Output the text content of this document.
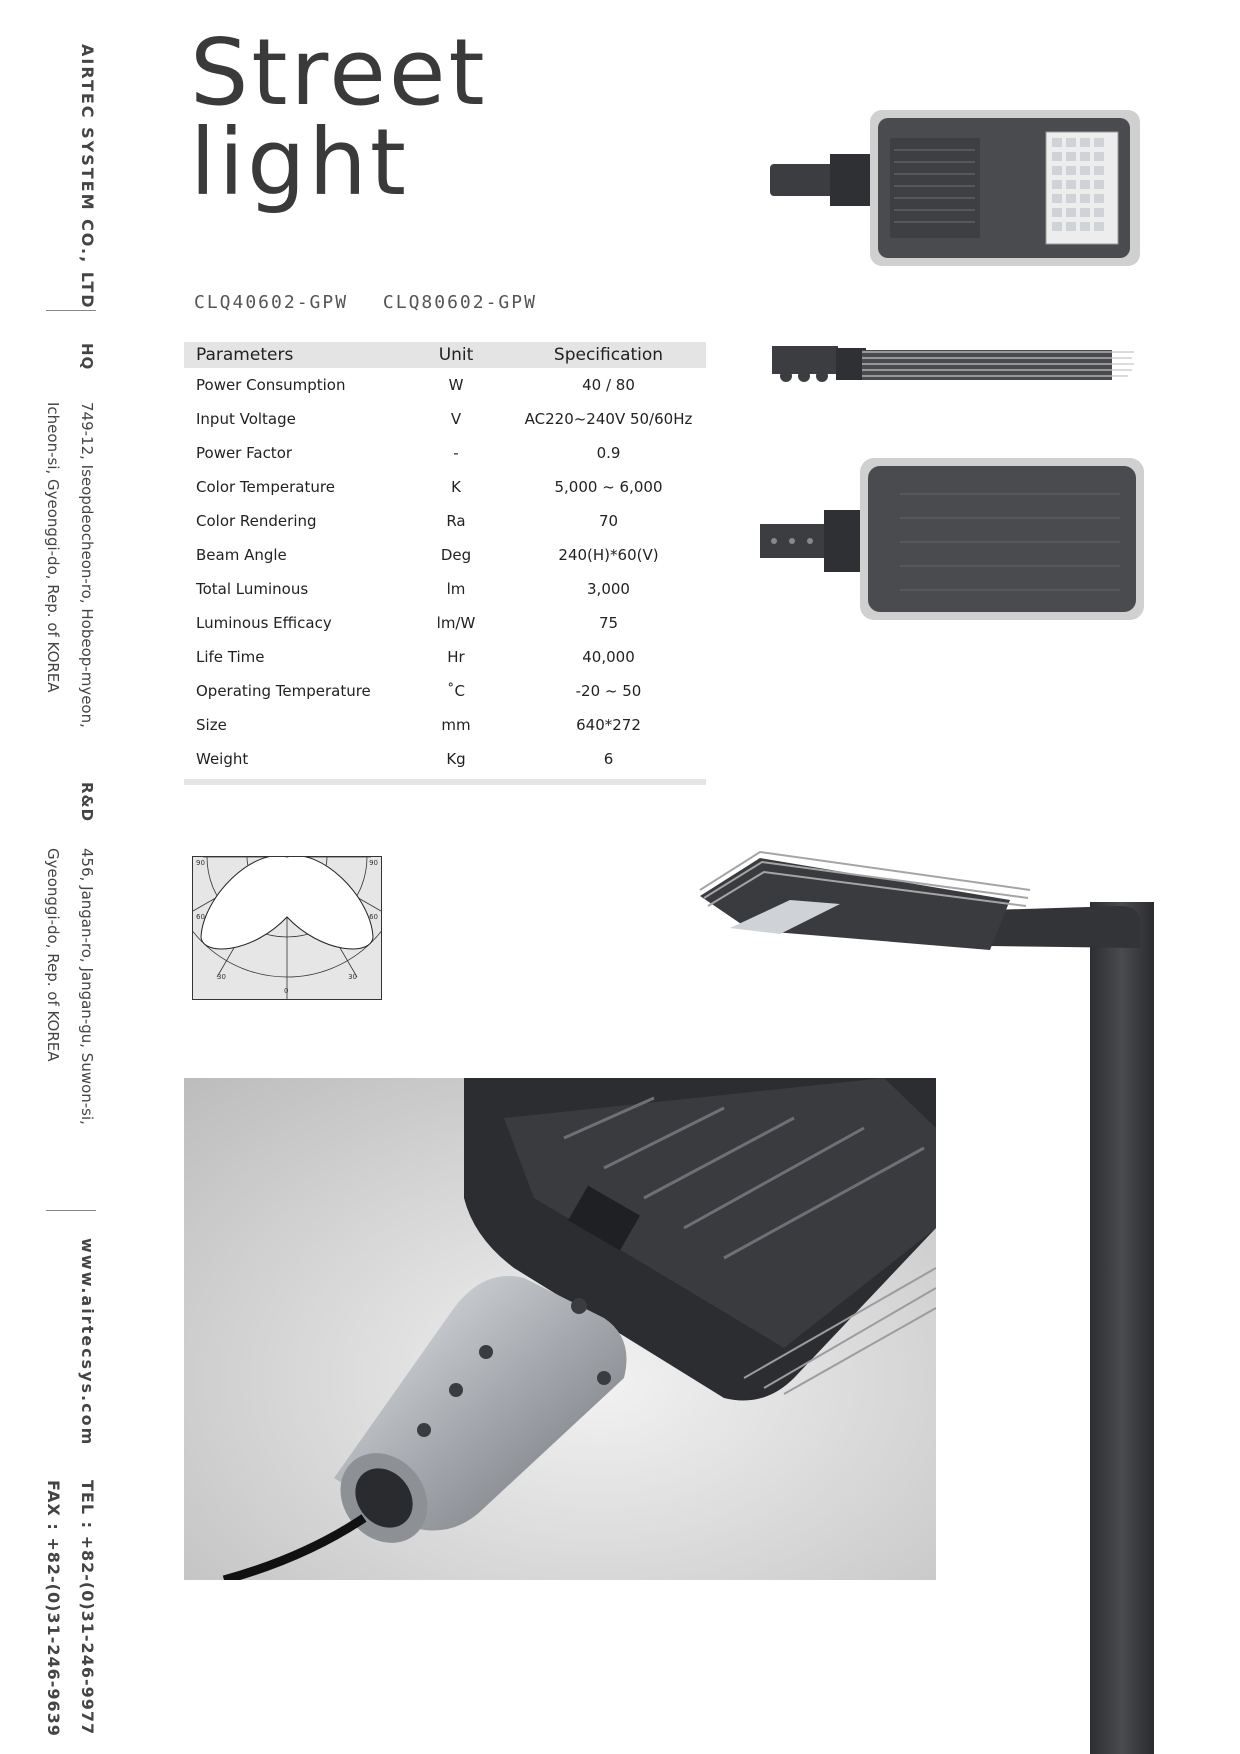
AIRTEC SYSTEM CO., LTD
HQ
749-12, Iseopdeocheon-ro, Hobeop-myeon,
Icheon-si, Gyeonggi-do, Rep. of KOREA
R&D
456, Jangan-ro, Jangan-gu, Suwon-si,
Gyeonggi-do, Rep. of KOREA
www.airtecsys.com
TEL : +82-(0)31-246-9977
FAX : +82-(0)31-246-9639
Street
light
CLQ40602-GPW CLQ80602-GPW
Parameters	Unit	Specification
Power Consumption	W	40 / 80
Input Voltage	V	AC220~240V 50/60Hz
Power Factor	-	0.9
Color Temperature	K	5,000 ~ 6,000
Color Rendering	Ra	70
Beam Angle	Deg	240(H)*60(V)
Total Luminous	lm	3,000
Luminous Efficacy	lm/W	75
Life Time	Hr	40,000
Operating Temperature	˚C	-20 ~ 50
Size	mm	640*272
Weight	Kg	6
90	90
60	60
30	30
0
